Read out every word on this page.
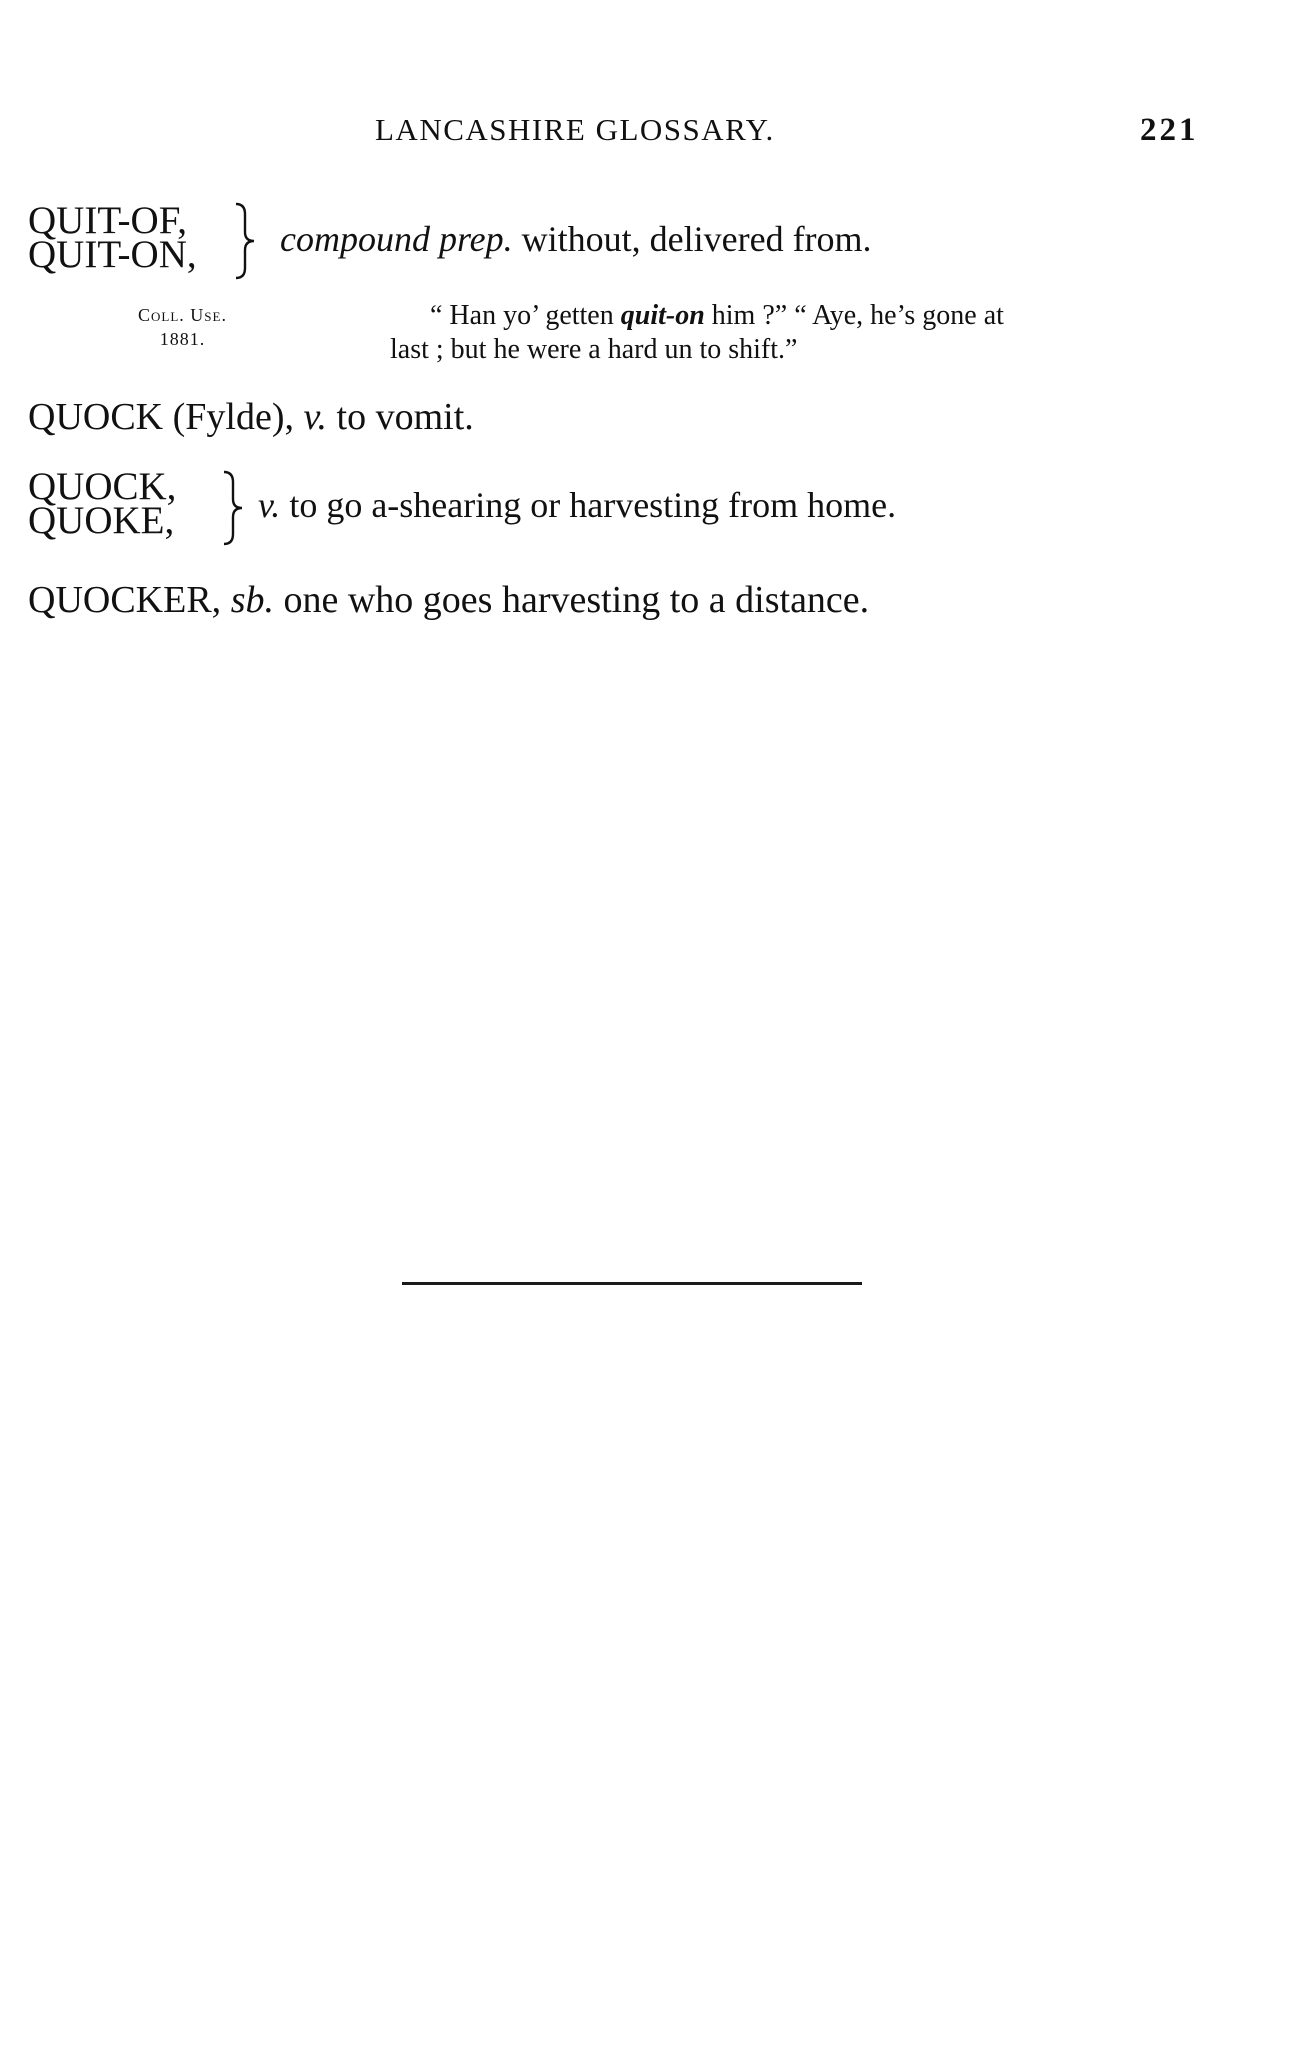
LANCASHIRE GLOSSARY.	221
QUIT-OF,
QUIT-ON, compound prep. without, delivered from.
Coll. Use.
1881.
“ Han yo’ getten quit-on him ?” “ Aye, he’s gone at
last ; but he were a hard un to shift.”
QUOCK (Fylde), v. to vomit.
QUOCK,
QUOKE, v. to go a-shearing or harvesting from home.
QUOCKER, sb. one who goes harvesting to a distance.
